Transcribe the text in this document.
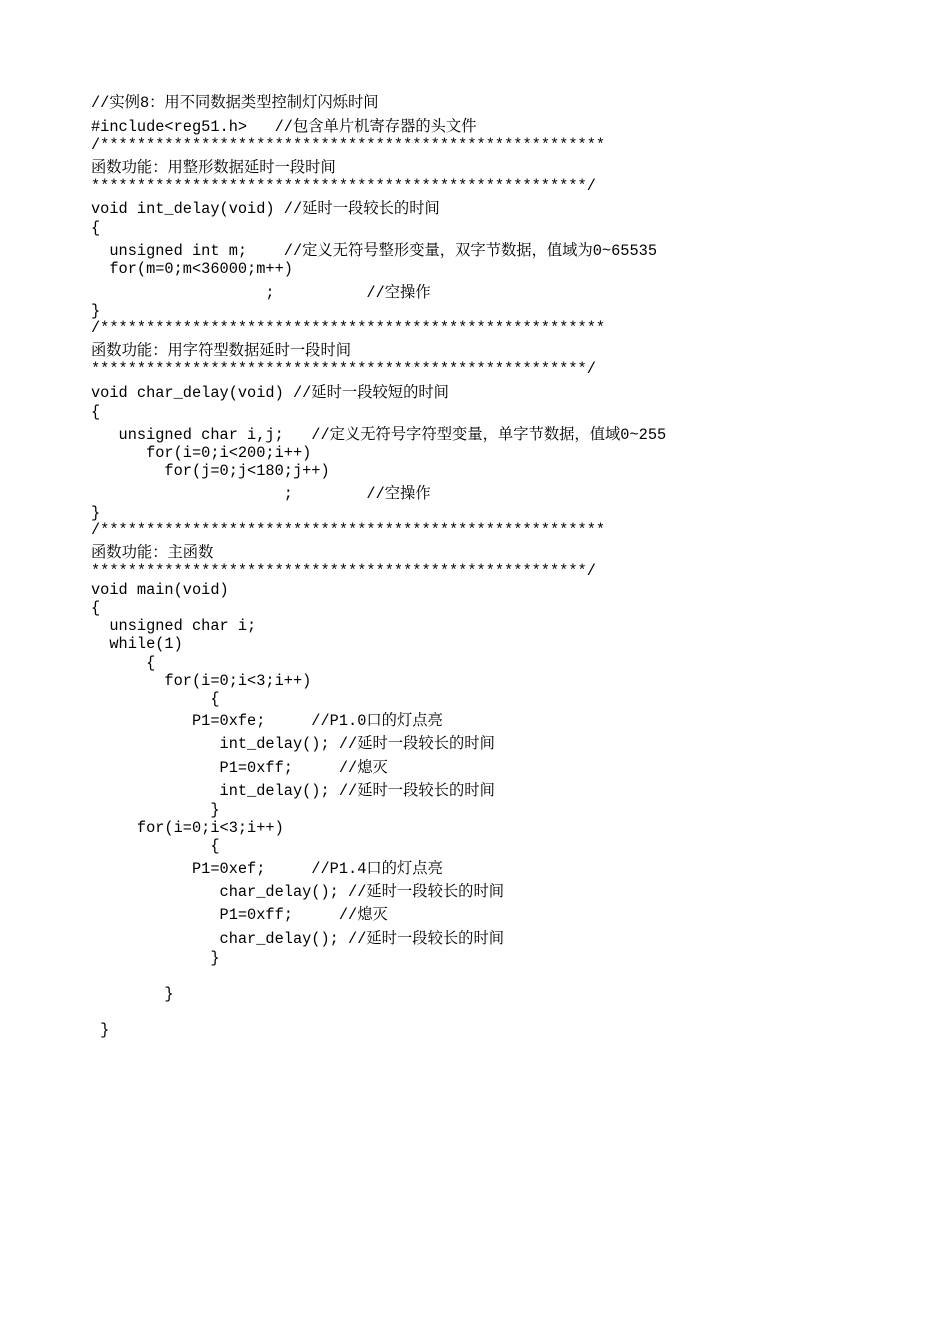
//实例8：用不同数据类型控制灯闪烁时间

#include<reg51.h>   //包含单片机寄存器的头文件

/*******************************************************

函数功能：用整形数据延时一段时间

******************************************************/

void int_delay(void) //延时一段较长的时间

{

unsigned int m;    //定义无符号整形变量，双字节数据，值域为0~65535

for(m=0;m<36000;m++)

;          //空操作

}

/*******************************************************

函数功能：用字符型数据延时一段时间

******************************************************/

void char_delay(void) //延时一段较短的时间

{

unsigned char i,j;   //定义无符号字符型变量，单字节数据，值域0~255

for(i=0;i<200;i++)

for(j=0;j<180;j++)

;        //空操作

}

/*******************************************************

函数功能：主函数

******************************************************/

void main(void)

{

unsigned char i;

while(1)

{

for(i=0;i<3;i++)

{

P1=0xfe;     //P1.0口的灯点亮

int_delay(); //延时一段较长的时间

P1=0xff;     //熄灭

int_delay(); //延时一段较长的时间

}

for(i=0;i<3;i++)

{

P1=0xef;     //P1.4口的灯点亮

char_delay(); //延时一段较长的时间

P1=0xff;     //熄灭

char_delay(); //延时一段较长的时间

}

}

}
